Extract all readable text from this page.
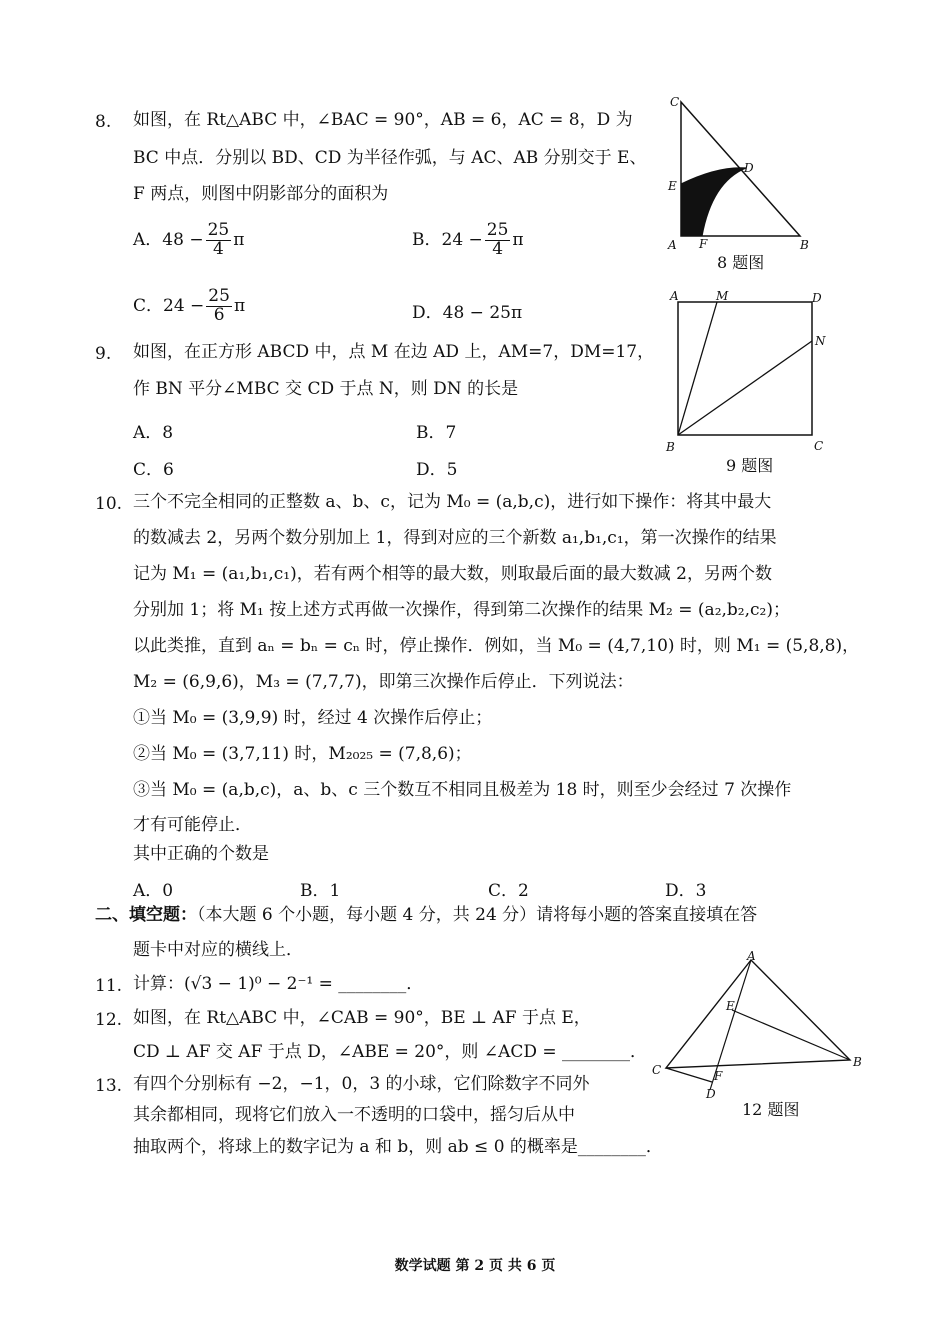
8. 如图，在 Rt△ABC 中，∠BAC = 90°，AB = 6，AC = 8，D 为
BC 中点．分别以 BD、CD 为半径作弧，与 AC、AB 分别交于 E、
F 两点，则图中阴影部分的面积为
A．$48 - \frac{25}{4}$ π	B．$24 - \frac{25}{4}$ π
C．$24 - \frac{25}{6}$ π	D．48 − 25π
C
D
E
A F	B
8 题图
9. 如图，在正方形 ABCD 中，点 M 在边 AD 上，AM=7，DM=17，
作 BN 平分∠MBC 交 CD 于点 N，则 DN 的长是
A．8	B．7
C．6	D．5
A	M	D
N
B	C
9 题图
10. 三个不完全相同的正整数 a、b、c，记为 M₀ = (a,b,c)，进行如下操作：将其中最大
的数减去 2，另两个数分别加上 1，得到对应的三个新数 a₁,b₁,c₁，第一次操作的结果
记为 M₁ = (a₁,b₁,c₁)，若有两个相等的最大数，则取最后面的最大数减 2，另两个数
分别加 1；将 M₁ 按上述方式再做一次操作，得到第二次操作的结果 M₂ = (a₂,b₂,c₂)；
以此类推，直到 aₙ = bₙ = cₙ 时，停止操作．例如，当 M₀ = (4,7,10) 时，则 M₁ = (5,8,8)，
M₂ = (6,9,6)，M₃ = (7,7,7)，即第三次操作后停止．下列说法：
①当 M₀ = (3,9,9) 时，经过 4 次操作后停止；
②当 M₀ = (3,7,11) 时，M₂₀₂₅ = (7,8,6)；
③当 M₀ = (a,b,c)，a、b、c 三个数互不相同且极差为 18 时，则至少会经过 7 次操作
才有可能停止．
其中正确的个数是
A．0	B．1	C．2	D．3
二、填空题：（本大题 6 个小题，每小题 4 分，共 24 分）请将每小题的答案直接填在答
题卡中对应的横线上．
11. 计算：(√3 − 1)⁰ − 2⁻¹ = ________．
12. 如图，在 Rt△ABC 中，∠CAB = 90°，BE ⊥ AF 于点 E，
CD ⊥ AF 交 AF 于点 D，∠ABE = 20°，则 ∠ACD = ________．
A
E
C	F
D
B
12 题图
13. 有四个分别标有 −2，−1，0，3 的小球，它们除数字不同外
其余都相同，现将它们放入一不透明的口袋中，摇匀后从中
抽取两个，将球上的数字记为 a 和 b，则 ab ≤ 0 的概率是________．
数学试题 第 2 页 共 6 页
